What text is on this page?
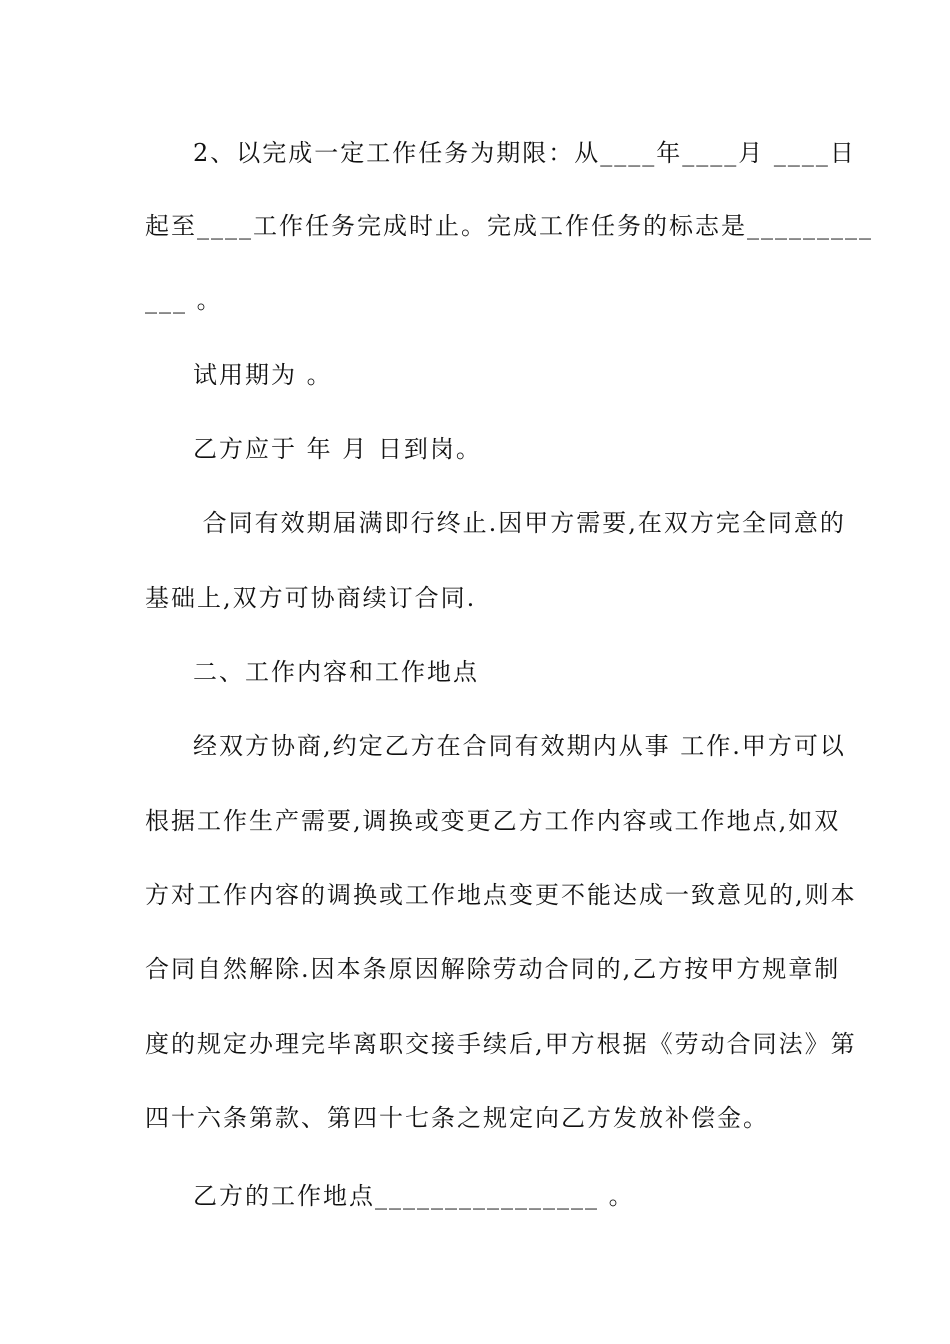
2、以完成一定工作任务为期限：从____年____月 ____日
起至____工作任务完成时止。完成工作任务的标志是_________
___ 。
试用期为 。
乙方应于 年 月 日到岗。
合同有效期届满即行终止.因甲方需要,在双方完全同意的
基础上,双方可协商续订合同.
二、工作内容和工作地点
经双方协商,约定乙方在合同有效期内从事 工作.甲方可以
根据工作生产需要,调换或变更乙方工作内容或工作地点,如双
方对工作内容的调换或工作地点变更不能达成一致意见的,则本
合同自然解除.因本条原因解除劳动合同的,乙方按甲方规章制
度的规定办理完毕离职交接手续后,甲方根据《劳动合同法》第
四十六条第款、第四十七条之规定向乙方发放补偿金。
乙方的工作地点________________ 。
